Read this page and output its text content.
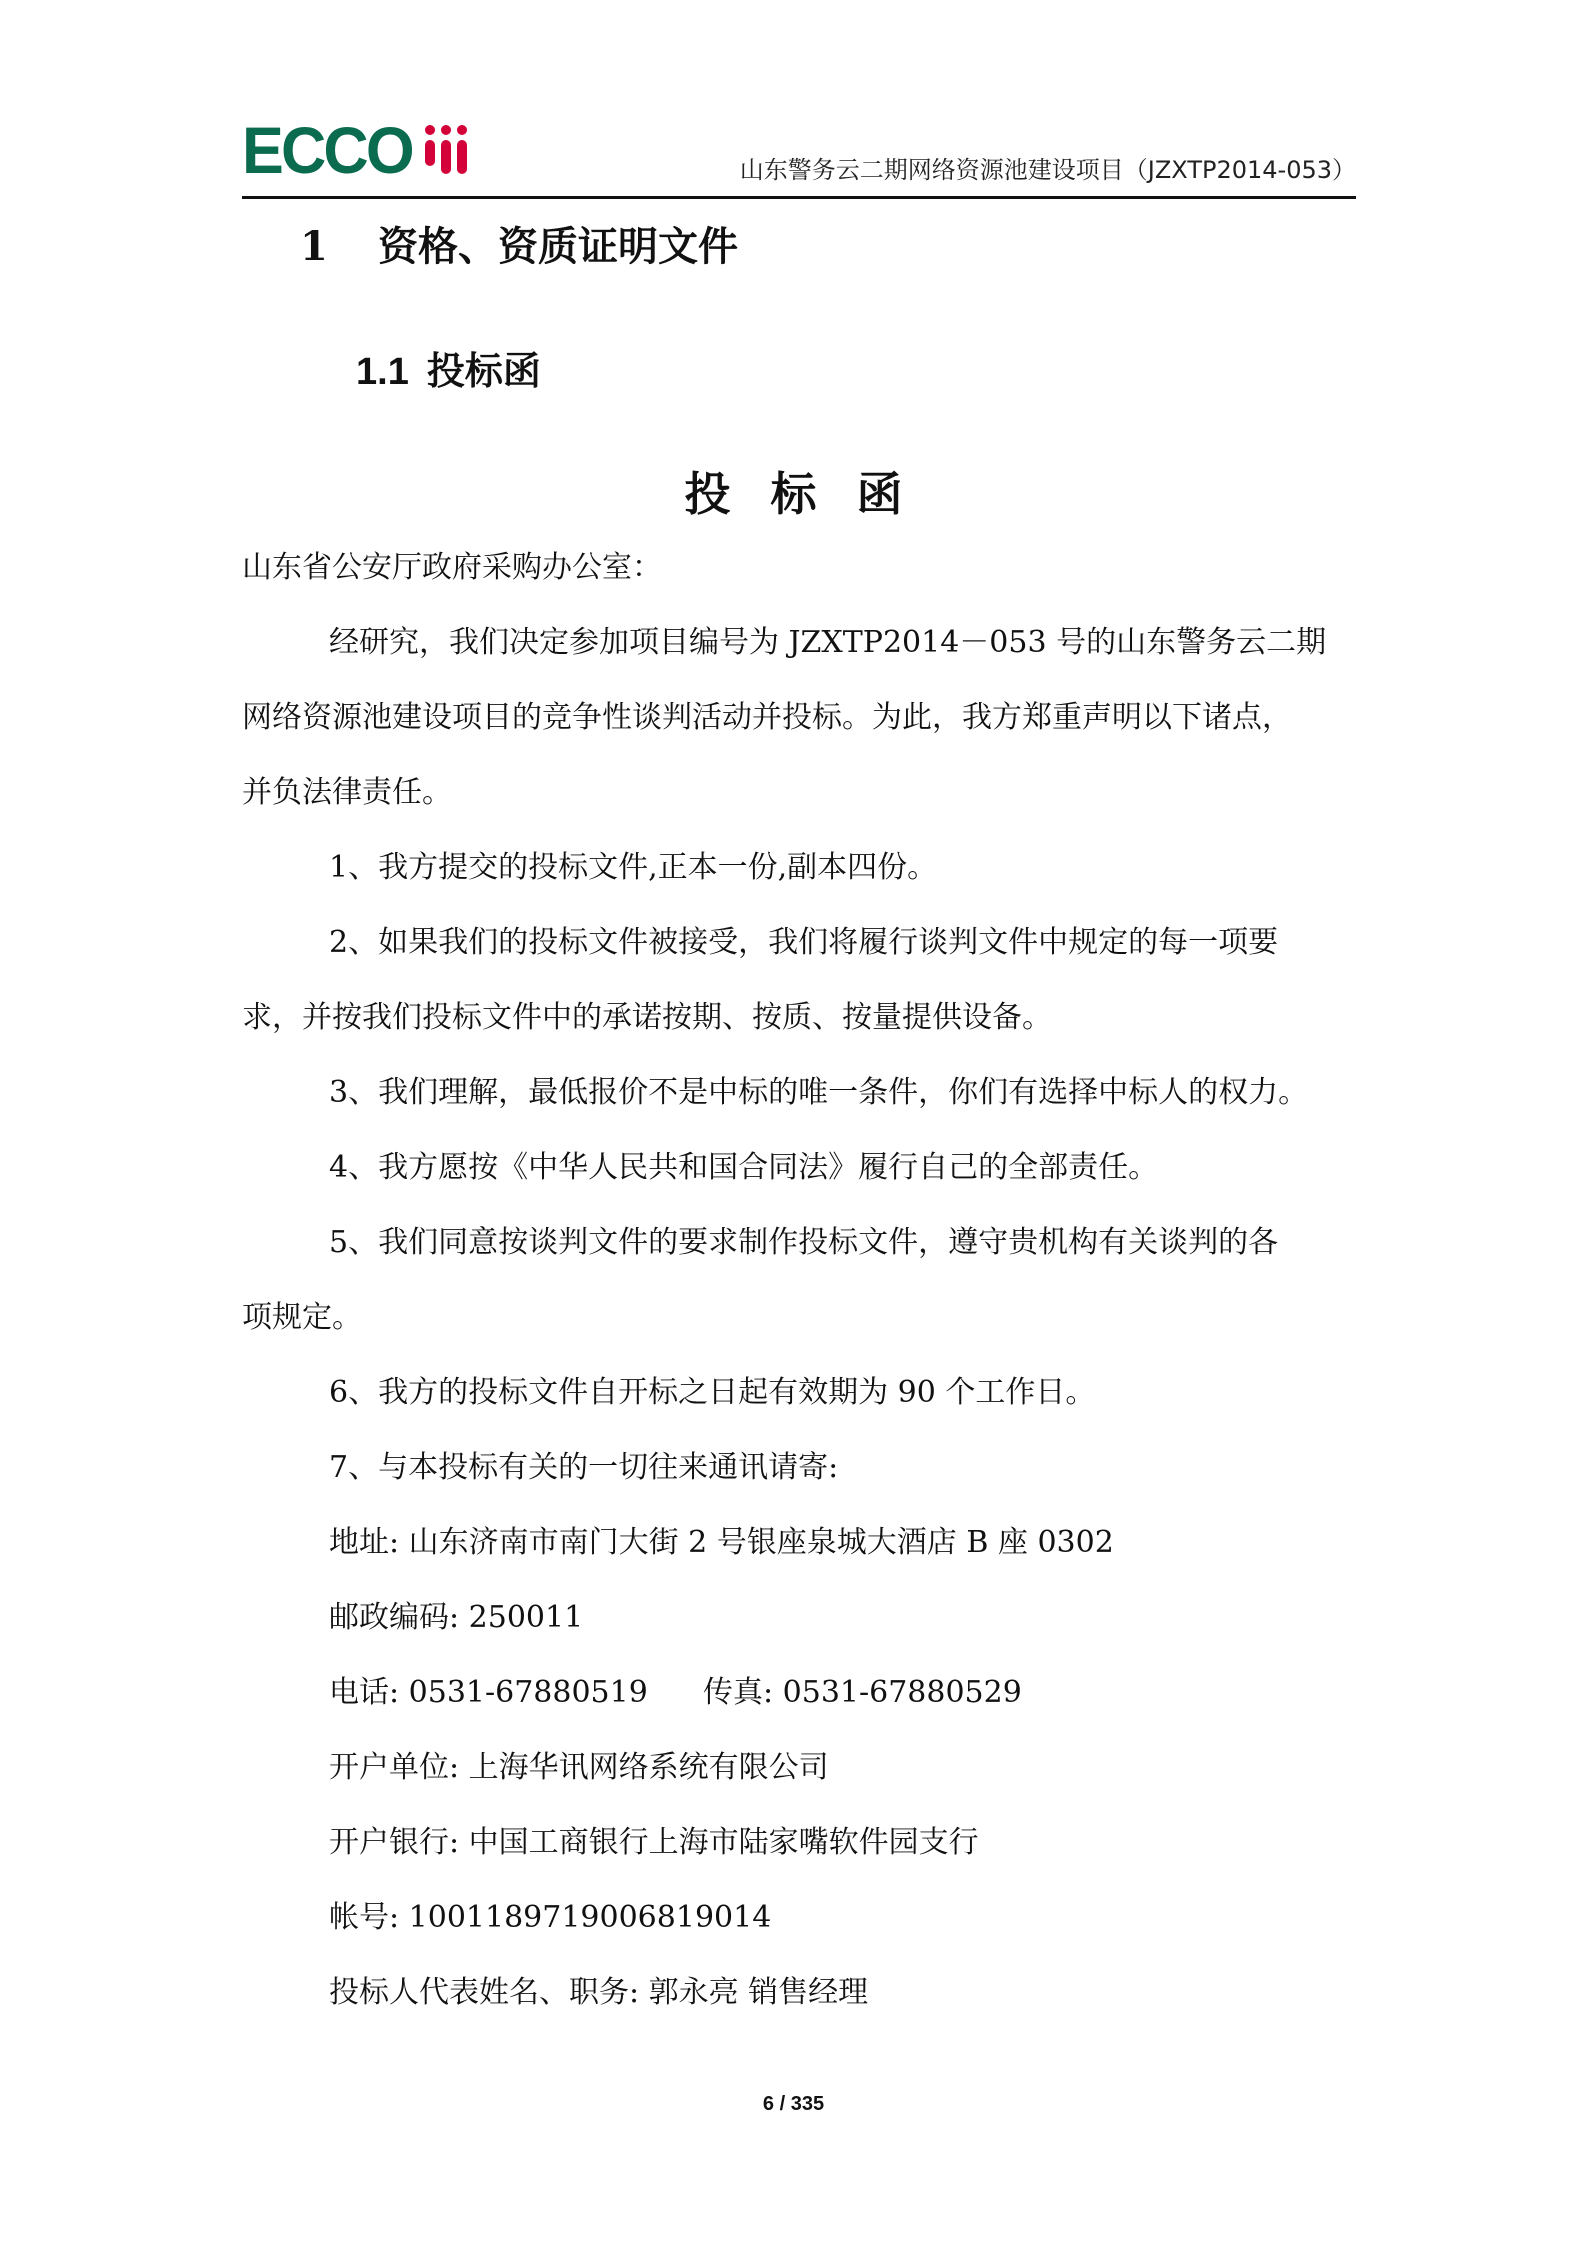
ECCO	山东警务云二期网络资源池建设项目（JZXTP2014-053）
1 资格、资质证明文件
1.1 投标函
投标函
山东省公安厅政府采购办公室：
经研究，我们决定参加项目编号为 JZXTP2014－053 号的山东警务云二期
网络资源池建设项目的竞争性谈判活动并投标。为此，我方郑重声明以下诸点，
并负法律责任。
1、我方提交的投标文件,正本一份,副本四份。
2、如果我们的投标文件被接受，我们将履行谈判文件中规定的每一项要
求，并按我们投标文件中的承诺按期、按质、按量提供设备。
3、我们理解，最低报价不是中标的唯一条件，你们有选择中标人的权力。
4、我方愿按《中华人民共和国合同法》履行自己的全部责任。
5、我们同意按谈判文件的要求制作投标文件，遵守贵机构有关谈判的各
项规定。
6、我方的投标文件自开标之日起有效期为 90 个工作日。
7、与本投标有关的一切往来通讯请寄:
地址: 山东济南市南门大街 2 号银座泉城大酒店 B 座 0302
邮政编码: 250011
电话: 0531-67880519 传真: 0531-67880529
开户单位: 上海华讯网络系统有限公司
开户银行: 中国工商银行上海市陆家嘴软件园支行
帐号: 1001189719006819014
投标人代表姓名、职务: 郭永亮 销售经理
6 / 335
